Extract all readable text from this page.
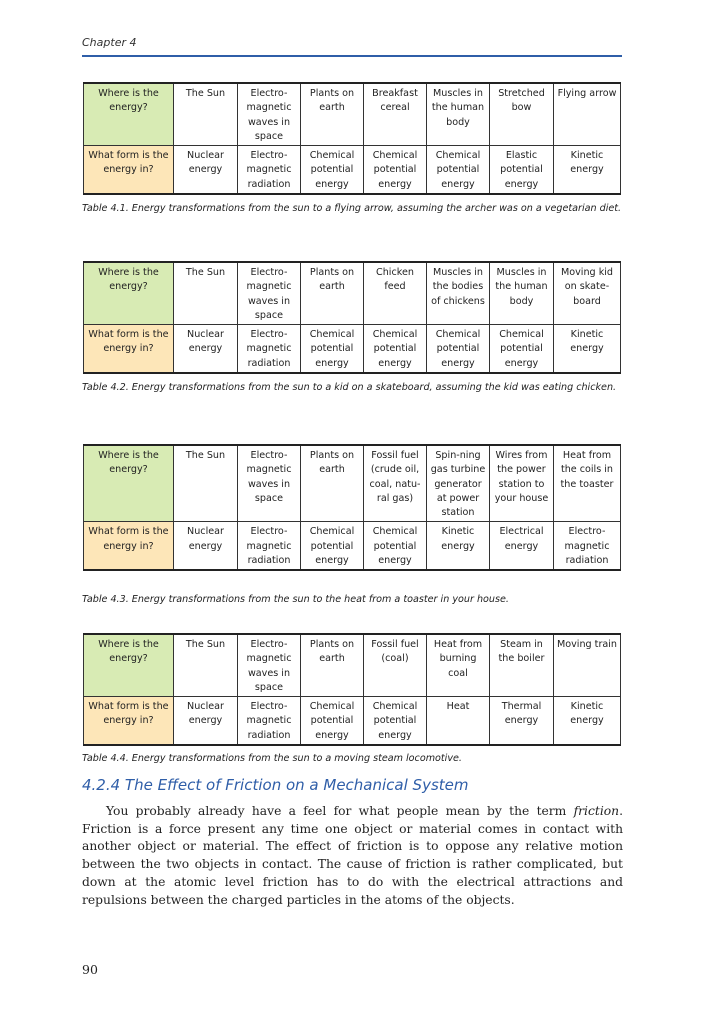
Chapter 4
Where is the energy?	The Sun	Electro-magnetic waves in space	Plants on earth	Breakfast cereal	Muscles in the human body	Stretched bow	Flying arrow
What form is the energy in?	Nuclear energy	Electro-magnetic radiation	Chemical potential energy	Chemical potential energy	Chemical potential energy	Elastic potential energy	Kinetic energy
Table 4.1. Energy transformations from the sun to a flying arrow, assuming the archer was on a vegetarian diet.
Where is the energy?	The Sun	Electro-magnetic waves in space	Plants on earth	Chicken feed	Muscles in the bodies of chickens	Muscles in the human body	Moving kid on skate-board
What form is the energy in?	Nuclear energy	Electro-magnetic radiation	Chemical potential energy	Chemical potential energy	Chemical potential energy	Chemical potential energy	Kinetic energy
Table 4.2. Energy transformations from the sun to a kid on a skateboard, assuming the kid was eating chicken.
Where is the energy?	The Sun	Electro-magnetic waves in space	Plants on earth	Fossil fuel (crude oil, coal, natu-ral gas)	Spin-ning gas turbine generator at power station	Wires from the power station to your house	Heat from the coils in the toaster
What form is the energy in?	Nuclear energy	Electro-magnetic radiation	Chemical potential energy	Chemical potential energy	Kinetic energy	Electrical energy	Electro-magnetic radiation
Table 4.3. Energy transformations from the sun to the heat from a toaster in your house.
Where is the energy?	The Sun	Electro-magnetic waves in space	Plants on earth	Fossil fuel (coal)	Heat from burning coal	Steam in the boiler	Moving train
What form is the energy in?	Nuclear energy	Electro-magnetic radiation	Chemical potential energy	Chemical potential energy	Heat	Thermal energy	Kinetic energy
Table 4.4. Energy transformations from the sun to a moving steam locomotive.
4.2.4 The Effect of Friction on a Mechanical System

You probably already have a feel for what people mean by the term friction. Friction is a force present any time one object or material comes in contact with another object or material. The effect of friction is to oppose any relative motion between the two objects in contact. The cause of friction is rather complicated, but down at the atomic level friction has to do with the electrical attractions and repulsions between the charged particles in the atoms of the objects.

90
